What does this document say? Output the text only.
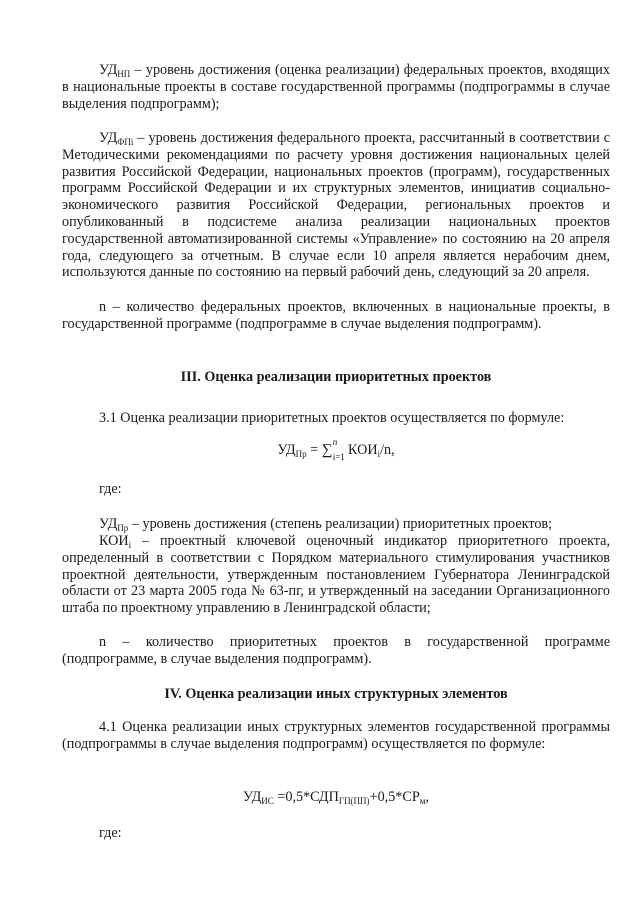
$УД_{НП}$ – уровень достижения (оценка реализации) федеральных проектов, входящих в национальные проекты в составе государственной программы (подпрограммы в случае выделения подпрограмм);

$УД_{ФПi}$ – уровень достижения федерального проекта, рассчитанный в соответствии с Методическими рекомендациями по расчету уровня достижения национальных целей развития Российской Федерации, национальных проектов (программ), государственных программ Российской Федерации и их структурных элементов, инициатив социально-экономического развития Российской Федерации, региональных проектов и опубликованный в подсистеме анализа реализации национальных проектов государственной автоматизированной системы «Управление» по состоянию на 20 апреля года, следующего за отчетным. В случае если 10 апреля является нерабочим днем, используются данные по состоянию на первый рабочий день, следующий за 20 апреля.

n – количество федеральных проектов, включенных в национальные проекты, в государственной программе (подпрограмме в случае выделения подпрограмм).

III. Оценка реализации приоритетных проектов

3.1 Оценка реализации приоритетных проектов осуществляется по формуле:

$УД_{Пр}$ = ∑ n
i=1 $КОИ_i/n$,

где:

$УД_{Пр}$ – уровень достижения (степень реализации) приоритетных проектов;

$КОИ_i$ – проектный ключевой оценочный индикатор приоритетного проекта, определенный в соответствии с Порядком материального стимулирования участников проектной деятельности, утвержденным постановлением Губернатора Ленинградской области от 23 марта 2005 года № 63-пг, и утвержденный на заседании Организационного штаба по проектному управлению в Ленинградской области;

n – количество приоритетных проектов в государственной программе (подпрограмме, в случае выделения подпрограмм).

IV. Оценка реализации иных структурных элементов

4.1 Оценка реализации иных структурных элементов государственной программы (подпрограммы в случае выделения подпрограмм) осуществляется по формуле:

$УД_{ИС} =0,5*СДП_{ГП(ПП)}+0,5*СР_м$,

где:
